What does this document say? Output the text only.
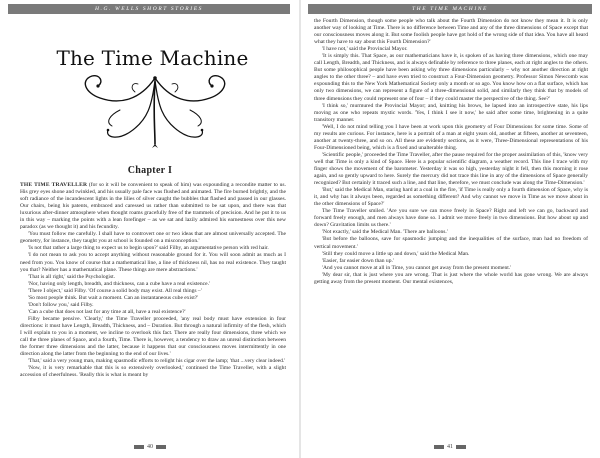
H.G. WELLS SHORT STORIES
The Time Machine
Chapter I

THE TIME TRAVELLER (for so it will be convenient to speak of him) was expounding a recondite matter to us. His grey eyes shone and twinkled, and his usually pale face was flushed and animated. The fire burned brightly, and the soft radiance of the incandescent lights in the lilies of silver caught the bubbles that flashed and passed in our glasses. Our chairs, being his patents, embraced and caressed us rather than submitted to be sat upon, and there was that luxurious after-dinner atmosphere when thought roams gracefully free of the trammels of precision. And he put it to us in this way – marking the points with a lean forefinger – as we sat and lazily admired his earnestness over this new paradox (as we thought it) and his fecundity.

'You must follow me carefully. I shall have to controvert one or two ideas that are almost universally accepted. The geometry, for instance, they taught you at school is founded on a misconception.'

'Is not that rather a large thing to expect us to begin upon?' said Filby, an argumentative person with red hair.

'I do not mean to ask you to accept anything without reasonable ground for it. You will soon admit as much as I need from you. You know of course that a mathematical line, a line of thickness nil, has no real existence. They taught you that? Neither has a mathematical plane. These things are mere abstractions.'

'That is all right,' said the Psychologist.

'Nor, having only length, breadth, and thickness, can a cube have a real existence.'

'There I object,' said Filby. 'Of course a solid body may exist. All real things –'

'So most people think. But wait a moment. Can an instantaneous cube exist?'

'Don't follow you,' said Filby.

'Can a cube that does not last for any time at all, have a real existence?'

Filby became pensive. 'Clearly,' the Time Traveller proceeded, 'any real body must have extension in four directions: it must have Length, Breadth, Thickness, and – Duration. But through a natural infirmity of the flesh, which I will explain to you in a moment, we incline to overlook this fact. There are really four dimensions, three which we call the three planes of Space, and a fourth, Time. There is, however, a tendency to draw an unreal distinction between the former three dimensions and the latter, because it happens that our consciousness moves intermittently in one direction along the latter from the beginning to the end of our lives.'

'That,' said a very young man, making spasmodic efforts to relight his cigar over the lamp; 'that ...very clear indeed.'

'Now, it is very remarkable that this is so extensively overlooked,' continued the Time Traveller, with a slight accession of cheerfulness. 'Really this is what is meant by

40
THE TIME MACHINE

the Fourth Dimension, though some people who talk about the Fourth Dimension do not know they mean it. It is only another way of looking at Time. There is no difference between Time and any of the three dimensions of Space except that our consciousness moves along it. But some foolish people have got hold of the wrong side of that idea. You have all heard what they have to say about this Fourth Dimension?'

'I have not,' said the Provincial Mayor.

'It is simply this. That Space, as our mathematicians have it, is spoken of as having three dimensions, which one may call Length, Breadth, and Thickness, and is always definable by reference to three planes, each at right angles to the others. But some philosophical people have been asking why three dimensions particularly – why not another direction at right angles to the other three? – and have even tried to construct a Four-Dimension geometry. Professor Simon Newcomb was expounding this to the New York Mathematical Society only a month or so ago. You know how on a flat surface, which has only two dimensions, we can represent a figure of a three-dimensional solid, and similarly they think that by models of three dimensions they could represent one of four – if they could master the perspective of the thing. See?'

'I think so,' murmured the Provincial Mayor; and, knitting his brows, he lapsed into an introspective state, his lips moving as one who repeats mystic words. 'Yes, I think I see it now,' he said after some time, brightening in a quite transitory manner.

'Well, I do not mind telling you I have been at work upon this geometry of Four Dimensions for some time. Some of my results are curious. For instance, here is a portrait of a man at eight years old, another at fifteen, another at seventeen, another at twenty-three, and so on. All these are evidently sections, as it were, Three-Dimensional representations of his Four-Dimensioned being, which is a fixed and unalterable thing.

'Scientific people,' proceeded the Time Traveller, after the pause required for the proper assimilation of this, 'know very well that Time is only a kind of Space. Here is a popular scientific diagram, a weather record. This line I trace with my finger shows the movement of the barometer. Yesterday it was so high, yesterday night it fell, then this morning it rose again, and so gently upward to here. Surely the mercury did not trace this line in any of the dimensions of Space generally recognized? But certainly it traced such a line, and that line, therefore, we must conclude was along the Time-Dimension.'

'But,' said the Medical Man, staring hard at a coal in the fire, 'if Time is really only a fourth dimension of Space, why is it, and why has it always been, regarded as something different? And why cannot we move in Time as we move about in the other dimensions of Space?'

The Time Traveller smiled. 'Are you sure we can move freely in Space? Right and left we can go, backward and forward freely enough, and men always have done so. I admit we move freely in two dimensions. But how about up and down? Gravitation limits us there.'

'Not exactly,' said the Medical Man. 'There are balloons.'

'But before the balloons, save for spasmodic jumping and the inequalities of the surface, man had no freedom of vertical movement.'

'Still they could move a little up and down,' said the Medical Man.

'Easier, far easier down than up.'

'And you cannot move at all in Time, you cannot get away from the present moment.'

'My dear sir, that is just where you are wrong. That is just where the whole world has gone wrong. We are always getting away from the present moment. Our mental existences,

41
